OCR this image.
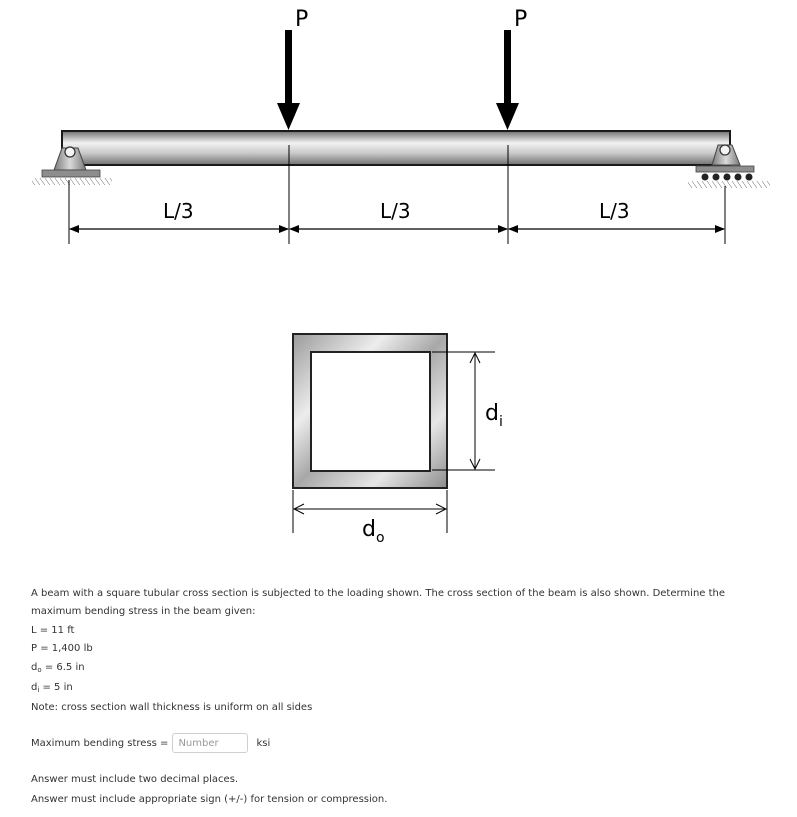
P	P
L/3	L/3	L/3
$d_i$
$d_o$

A beam with a square tubular cross section is subjected to the loading shown. The cross section of the beam is also shown. Determine the maximum bending stress in the beam given:

L = 11 ft

P = 1,400 lb

$d_o = 6.5$ in

$d_i = 5$ in

Note: cross section wall thickness is uniform on all sides

Maximum bending stress =
Number	ksi

Answer must include two decimal places.

Answer must include appropriate sign (+/-) for tension or compression.
